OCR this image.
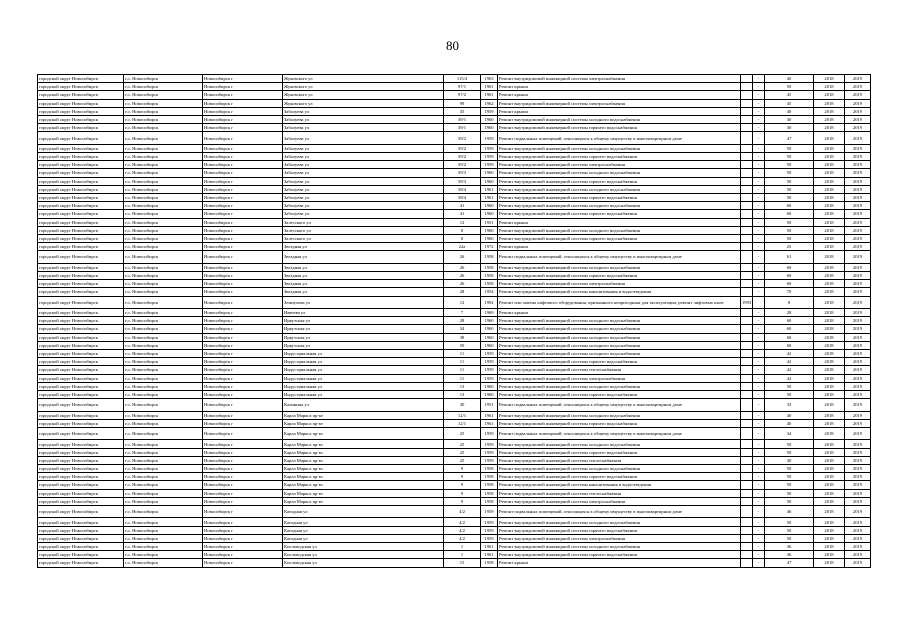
80
городской округ Новосибирск	г.о. Новосибирск	Новосибирск г	Жуковского ул	115/4	1963	Ремонт внутридомовой инженерной системы электроснабжения		-	40	2018	2019
городской округ Новосибирск	г.о. Новосибирск	Новосибирск г	Жуковского ул	97/1	1961	Ремонт крыши		-	50	2018	2019
городской округ Новосибирск	г.о. Новосибирск	Новосибирск г	Жуковского ул	97/2	1961	Ремонт крыши		-	45	2018	2019
городской округ Новосибирск	г.о. Новосибирск	Новосибирск г	Жуковского ул	99	1962	Ремонт внутридомовой инженерной системы электроснабжения		-	45	2018	2019
городской округ Новосибирск	г.о. Новосибирск	Новосибирск г	Забалуева ул	35	1959	Ремонт крыши		-	40	2018	2019
городской округ Новосибирск	г.о. Новосибирск	Новосибирск г	Забалуева ул	39/1	1960	Ремонт внутридомовой инженерной системы холодного водоснабжения		-	30	2018	2019
городской округ Новосибирск	г.о. Новосибирск	Новосибирск г	Забалуева ул	39/1	1960	Ремонт внутридомовой инженерной системы горячего водоснабжения		-	30	2018	2019
городской округ Новосибирск	г.о. Новосибирск	Новосибирск г	Забалуева ул	39/2	1959	Ремонт подвальных помещений, относящихся к общему имуществу в многоквартирном доме		-	47	2018	2019
городской округ Новосибирск	г.о. Новосибирск	Новосибирск г	Забалуева ул	39/2	1959	Ремонт внутридомовой инженерной системы холодного водоснабжения		-	50	2018	2019
городской округ Новосибирск	г.о. Новосибирск	Новосибирск г	Забалуева ул	39/2	1959	Ремонт внутридомовой инженерной системы горячего водоснабжения		-	50	2018	2019
городской округ Новосибирск	г.о. Новосибирск	Новосибирск г	Забалуева ул	39/2	1959	Ремонт внутридомовой инженерной системы электроснабжения		-	50	2018	2019
городской округ Новосибирск	г.о. Новосибирск	Новосибирск г	Забалуева ул	39/3	1960	Ремонт внутридомовой инженерной системы холодного водоснабжения		-	50	2018	2019
городской округ Новосибирск	г.о. Новосибирск	Новосибирск г	Забалуева ул	39/3	1960	Ремонт внутридомовой инженерной системы горячего водоснабжения		-	50	2018	2019
городской округ Новосибирск	г.о. Новосибирск	Новосибирск г	Забалуева ул	39/4	1961	Ремонт внутридомовой инженерной системы холодного водоснабжения		-	50	2018	2019
городской округ Новосибирск	г.о. Новосибирск	Новосибирск г	Забалуева ул	39/4	1961	Ремонт внутридомовой инженерной системы горячего водоснабжения		-	50	2018	2019
городской округ Новосибирск	г.о. Новосибирск	Новосибирск г	Забалуева ул	41	1960	Ремонт внутридомовой инженерной системы холодного водоснабжения		-	60	2018	2019
городской округ Новосибирск	г.о. Новосибирск	Новосибирск г	Забалуева ул	41	1960	Ремонт внутридомовой инженерной системы горячего водоснабжения		-	60	2018	2019
городской округ Новосибирск	г.о. Новосибирск	Новосибирск г	Залесского ул	12	1951	Ремонт крыши		-	50	2018	2019
городской округ Новосибирск	г.о. Новосибирск	Новосибирск г	Залесского ул	8	1960	Ремонт внутридомовой инженерной системы холодного водоснабжения		-	50	2018	2019
городской округ Новосибирск	г.о. Новосибирск	Новосибирск г	Залесского ул	8	1960	Ремонт внутридомовой инженерной системы горячего водоснабжения		-	50	2018	2019
городской округ Новосибирск	г.о. Новосибирск	Новосибирск г	Звездная ул	22а	1972	Ремонт крыши		-	25	2018	2019
городской округ Новосибирск	г.о. Новосибирск	Новосибирск г	Звездная ул	26	1958	Ремонт подвальных помещений, относящихся к общему имуществу в многоквартирном доме		-	61	2018	2019
городской округ Новосибирск	г.о. Новосибирск	Новосибирск г	Звездная ул	26	1958	Ремонт внутридомовой инженерной системы холодного водоснабжения		-	60	2018	2019
городской округ Новосибирск	г.о. Новосибирск	Новосибирск г	Звездная ул	26	1958	Ремонт внутридомовой инженерной системы горячего водоснабжения		-	60	2018	2019
городской округ Новосибирск	г.о. Новосибирск	Новосибирск г	Звездная ул	26	1958	Ремонт внутридомовой инженерной системы электроснабжения		-	60	2018	2019
городской округ Новосибирск	г.о. Новосибирск	Новосибирск г	Звездная ул	28	1954	Ремонт внутридомовой инженерной системы канализования и водоотведения		-	70	2018	2019
городской округ Новосибирск	г.о. Новосибирск	Новосибирск г	Земнухова ул	12	1992	Ремонт или замена лифтового оборудования, признанного непригодным для эксплуатации, ремонт лифтовых шахт	1993		8	2018	2019
городской округ Новосибирск	г.о. Новосибирск	Новосибирск г	Ивачева ул	7	1969	Ремонт крыши		-	28	2018	2019
городской округ Новосибирск	г.о. Новосибирск	Новосибирск г	Иркутская ул	28	1960	Ремонт внутридомовой инженерной системы холодного водоснабжения		-	60	2018	2019
городской округ Новосибирск	г.о. Новосибирск	Новосибирск г	Иркутская ул	34	1960	Ремонт внутридомовой инженерной системы холодного водоснабжения		-	60	2018	2019
городской округ Новосибирск	г.о. Новосибирск	Новосибирск г	Иркутская ул	38	1960	Ремонт внутридомовой инженерной системы холодного водоснабжения		-	60	2018	2019
городской округ Новосибирск	г.о. Новосибирск	Новосибирск г	Иркутская ул	50	1960	Ремонт внутридомовой инженерной системы холодного водоснабжения		-	60	2018	2019
городской округ Новосибирск	г.о. Новосибирск	Новосибирск г	Индустриальная ул	11	1959	Ремонт внутридомовой инженерной системы холодного водоснабжения		-	42	2018	2019
городской округ Новосибирск	г.о. Новосибирск	Новосибирск г	Индустриальная ул	11	1959	Ремонт внутридомовой инженерной системы горячего водоснабжения		-	42	2018	2019
городской округ Новосибирск	г.о. Новосибирск	Новосибирск г	Индустриальная ул	11	1959	Ремонт внутридомовой инженерной системы теплоснабжения		-	42	2018	2019
городской округ Новосибирск	г.о. Новосибирск	Новосибирск г	Индустриальная ул	11	1959	Ремонт внутридомовой инженерной системы электроснабжения		-	42	2018	2019
городской округ Новосибирск	г.о. Новосибирск	Новосибирск г	Индустриальная ул	13	1960	Ремонт внутридомовой инженерной системы холодного водоснабжения		-	50	2018	2019
городской округ Новосибирск	г.о. Новосибирск	Новосибирск г	Индустриальная ул	13	1960	Ремонт внутридомовой инженерной системы горячего водоснабжения		-	50	2018	2019
городской округ Новосибирск	г.о. Новосибирск	Новосибирск г	Калинина ул	30	1951	Ремонт подвальных помещений, относящихся к общему имуществу в многоквартирном доме		-	33	2018	2019
городской округ Новосибирск	г.о. Новосибирск	Новосибирск г	Карла Маркса пр-кт	12/1	1961	Ремонт внутридомовой инженерной системы холодного водоснабжения		-	40	2018	2019
городской округ Новосибирск	г.о. Новосибирск	Новосибирск г	Карла Маркса пр-кт	12/1	1961	Ремонт внутридомовой инженерной системы горячего водоснабжения		-	40	2018	2019
городской округ Новосибирск	г.о. Новосибирск	Новосибирск г	Карла Маркса пр-кт	25	1959	Ремонт подвальных помещений, относящихся к общему имуществу в многоквартирном доме		-	34	2018	2019
городской округ Новосибирск	г.о. Новосибирск	Новосибирск г	Карла Маркса пр-кт	25	1959	Ремонт внутридомовой инженерной системы холодного водоснабжения		-	50	2018	2019
городской округ Новосибирск	г.о. Новосибирск	Новосибирск г	Карла Маркса пр-кт	25	1959	Ремонт внутридомовой инженерной системы горячего водоснабжения		-	50	2018	2019
городской округ Новосибирск	г.о. Новосибирск	Новосибирск г	Карла Маркса пр-кт	25	1959	Ремонт внутридомовой инженерной системы теплоснабжения		-	30	2018	2019
городской округ Новосибирск	г.о. Новосибирск	Новосибирск г	Карла Маркса пр-кт	9	1958	Ремонт внутридомовой инженерной системы холодного водоснабжения		-	50	2018	2019
городской округ Новосибирск	г.о. Новосибирск	Новосибирск г	Карла Маркса пр-кт	9	1958	Ремонт внутридомовой инженерной системы горячего водоснабжения		-	50	2018	2019
городской округ Новосибирск	г.о. Новосибирск	Новосибирск г	Карла Маркса пр-кт	9	1958	Ремонт внутридомовой инженерной системы канализования и водоотведения		-	50	2018	2019
городской округ Новосибирск	г.о. Новосибирск	Новосибирск г	Карла Маркса пр-кт	9	1958	Ремонт внутридомовой инженерной системы теплоснабжения		-	50	2018	2019
городской округ Новосибирск	г.о. Новосибирск	Новосибирск г	Карла Маркса пр-кт	9	1958	Ремонт внутридомовой инженерной системы электроснабжения		-	50	2018	2019
городской округ Новосибирск	г.о. Новосибирск	Новосибирск г	Катодная ул	4/2	1959	Ремонт подвальных помещений, относящихся к общему имуществу в многоквартирном доме		-	46	2018	2019
городской округ Новосибирск	г.о. Новосибирск	Новосибирск г	Катодная ул	4/2	1959	Ремонт внутридомовой инженерной системы холодного водоснабжения		-	50	2018	2019
городской округ Новосибирск	г.о. Новосибирск	Новосибирск г	Катодная ул	4/2	1959	Ремонт внутридомовой инженерной системы горячего водоснабжения		-	50	2018	2019
городской округ Новосибирск	г.о. Новосибирск	Новосибирск г	Катодная ул	4/2	1959	Ремонт внутридомовой инженерной системы электроснабжения		-	50	2018	2019
городской округ Новосибирск	г.о. Новосибирск	Новосибирск г	Кисловодская ул	1	1961	Ремонт внутридомовой инженерной системы холодного водоснабжения		-	36	2018	2019
городской округ Новосибирск	г.о. Новосибирск	Новосибирск г	Кисловодская ул	1	1961	Ремонт внутридомовой инженерной системы горячего водоснабжения		-	36	2018	2019
городской округ Новосибирск	г.о. Новосибирск	Новосибирск г	Кисловодская ул	15	1958	Ремонт крыши		-	47	2018	2019
